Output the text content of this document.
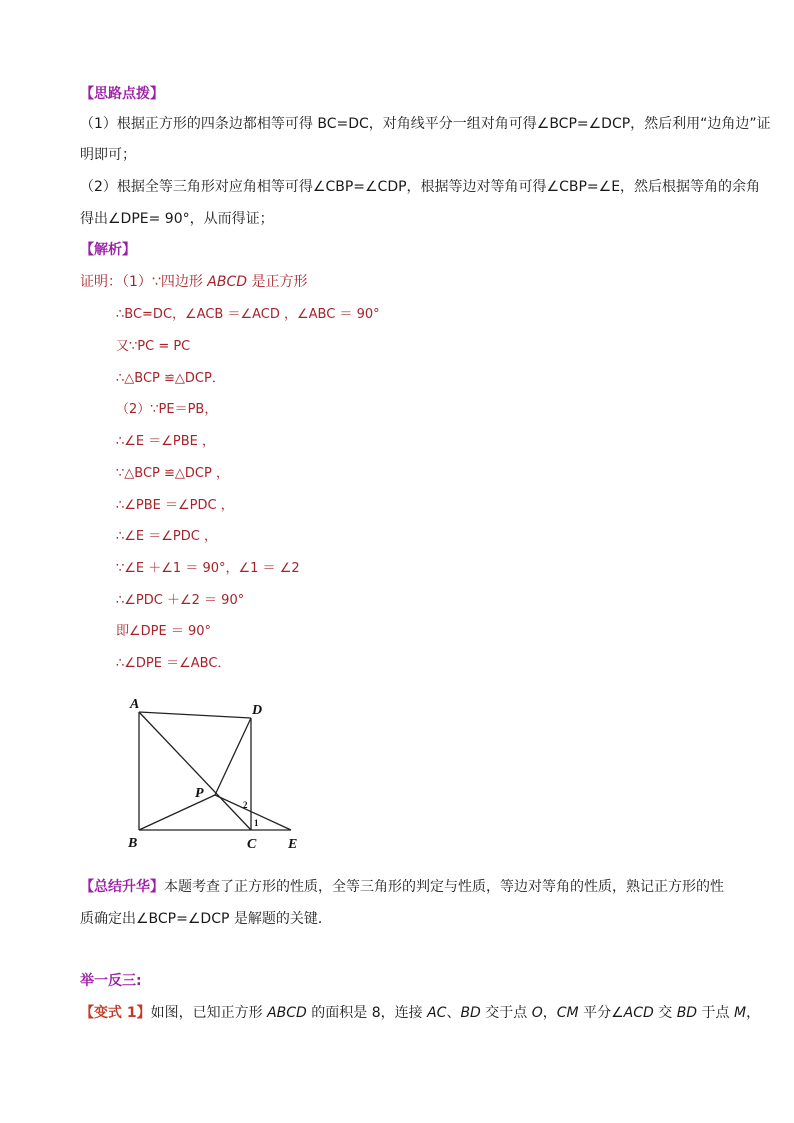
【思路点拨】
（1）根据正方形的四条边都相等可得 BC=DC，对角线平分一组对角可得∠BCP=∠DCP，然后利用“边角边”证
明即可；
（2）根据全等三角形对应角相等可得∠CBP=∠CDP，根据等边对等角可得∠CBP=∠E，然后根据等角的余角
得出∠DPE= 90°，从而得证；
【解析】
证明：（1）∵四边形 ABCD 是正方形
∴BC=DC，∠ACB ＝∠ACD ，∠ABC ＝ 90°
又∵PC = PC
∴△BCP ≌△DCP．
（2）∵PE＝PB，
∴∠E ＝∠PBE ，
∵△BCP ≌△DCP ，
∴∠PBE ＝∠PDC ，
∴∠E ＝∠PDC ，
∵∠E ＋∠1 ＝ 90°，∠1 ＝ ∠2
∴∠PDC ＋∠2 ＝ 90°
即∠DPE ＝ 90°
∴∠DPE ＝∠ABC．
A	D
B	C E
P
2
1
【总结升华】本题考查了正方形的性质，全等三角形的判定与性质，等边对等角的性质，熟记正方形的性
质确定出∠BCP=∠DCP 是解题的关键．
举一反三:
【变式 1】如图，已知正方形 ABCD 的面积是 8，连接 AC、BD 交于点 O，CM 平分∠ACD 交 BD 于点 M，
